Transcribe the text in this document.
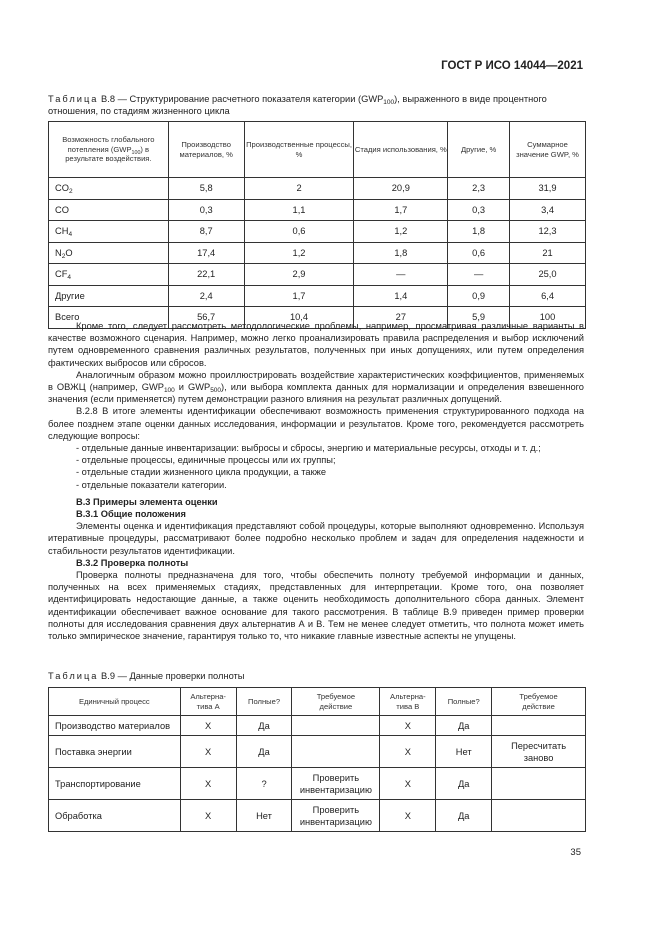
ГОСТ Р ИСО 14044—2021
Таблица В.8 — Структурирование расчетного показателя категории $(GWP_{100})$, выраженного в виде процентного отношения, по стадиям жизненного цикла
Возможность глобального потепления $(GWP_{100})$ в результате воздействия.	Производство материалов, %	Производственные процессы, %	Стадия использования, %	Другие, %	Суммарное значение GWP, %
$CO_2$	5,8	2	20,9	2,3	31,9
CO	0,3	1,1	1,7	0,3	3,4
$CH_4$	8,7	0,6	1,2	1,8	12,3
$N_2O$	17,4	1,2	1,8	0,6	21
$CF_4$	22,1	2,9	—	—	25,0
Другие	2,4	1,7	1,4	0,9	6,4
Всего	56,7	10,4	27	5,9	100

Кроме того, следует рассмотреть методологические проблемы, например, просматривая различные варианты в качестве возможного сценария. Например, можно легко проанализировать правила распределения и выбор исключений путем одновременного сравнения различных результатов, полученных при иных допущениях, или путем определения фактических выбросов или сбросов.

Аналогичным образом можно проиллюстрировать воздействие характеристических коэффициентов, применяемых в ОВЖЦ (например, $GWP_{100}$ и $GWP_{500}$), или выбора комплекта данных для нормализации и определения взвешенного значения (если применяется) путем демонстрации разного влияния на результат различных допущений.

В.2.8 В итоге элементы идентификации обеспечивают возможность применения структурированного подхода на более позднем этапе оценки данных исследования, информации и результатов. Кроме того, рекомендуется рассмотреть следующие вопросы:

- отдельные данные инвентаризации: выбросы и сбросы, энергию и материальные ресурсы, отходы и т. д.;

- отдельные процессы, единичные процессы или их группы;

- отдельные стадии жизненного цикла продукции, а также

- отдельные показатели категории.

В.3 Примеры элемента оценки

В.3.1 Общие положения

Элементы оценка и идентификация представляют собой процедуры, которые выполняют одновременно. Используя итеративные процедуры, рассматривают более подробно несколько проблем и задач для определения надежности и стабильности результатов идентификации.

В.3.2 Проверка полноты

Проверка полноты предназначена для того, чтобы обеспечить полноту требуемой информации и данных, полученных на всех применяемых стадиях, представленных для интерпретации. Кроме того, она позволяет идентифицировать недостающие данные, а также оценить необходимость дополнительного сбора данных. Элемент идентификации обеспечивает важное основание для такого рассмотрения. В таблице В.9 приведен пример проверки полноты для исследования сравнения двух альтернатив А и В. Тем не менее следует отметить, что полнота может иметь только эмпирическое значение, гарантируя только то, что никакие главные известные аспекты не упущены.

Таблица В.9 — Данные проверки полноты
Единичный процесс	Альтерна-тива А	Полные?	Требуемое действие	Альтерна-тива В	Полные?	Требуемое действие
Производство материалов	X	Да		X	Да	
Поставка энергии	X	Да		X	Нет	Пересчитать заново
Транспортирование	X	?	Проверить инвентаризацию	X	Да	
Обработка	X	Нет	Проверить инвентаризацию	X	Да	
35
